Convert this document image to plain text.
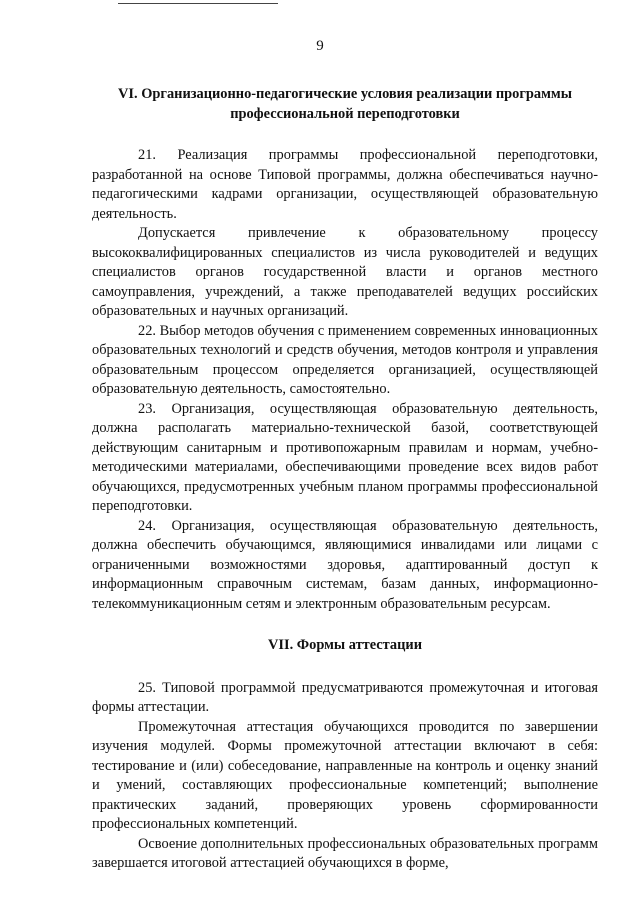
9
VI. Организационно-педагогические условия реализации программы профессиональной переподготовки
21. Реализация программы профессиональной переподготовки, разработанной на основе Типовой программы, должна обеспечиваться научно-педагогическими кадрами организации, осуществляющей образовательную деятельность.
Допускается привлечение к образовательному процессу высококвалифицированных специалистов из числа руководителей и ведущих специалистов органов государственной власти и органов местного самоуправления, учреждений, а также преподавателей ведущих российских образовательных и научных организаций.
22. Выбор методов обучения с применением современных инновационных образовательных технологий и средств обучения, методов контроля и управления образовательным процессом определяется организацией, осуществляющей образовательную деятельность, самостоятельно.
23. Организация, осуществляющая образовательную деятельность, должна располагать материально-технической базой, соответствующей действующим санитарным и противопожарным правилам и нормам, учебно-методическими материалами, обеспечивающими проведение всех видов работ обучающихся, предусмотренных учебным планом программы профессиональной переподготовки.
24. Организация, осуществляющая образовательную деятельность, должна обеспечить обучающимся, являющимися инвалидами или лицами с ограниченными возможностями здоровья, адаптированный доступ к информационным справочным системам, базам данных, информационно-телекоммуникационным сетям и электронным образовательным ресурсам.
VII. Формы аттестации
25. Типовой программой предусматриваются промежуточная и итоговая формы аттестации.
Промежуточная аттестация обучающихся проводится по завершении изучения модулей. Формы промежуточной аттестации включают в себя: тестирование и (или) собеседование, направленные на контроль и оценку знаний и умений, составляющих профессиональные компетенций; выполнение практических заданий, проверяющих уровень сформированности профессиональных компетенций.
Освоение дополнительных профессиональных образовательных программ завершается итоговой аттестацией обучающихся в форме,
